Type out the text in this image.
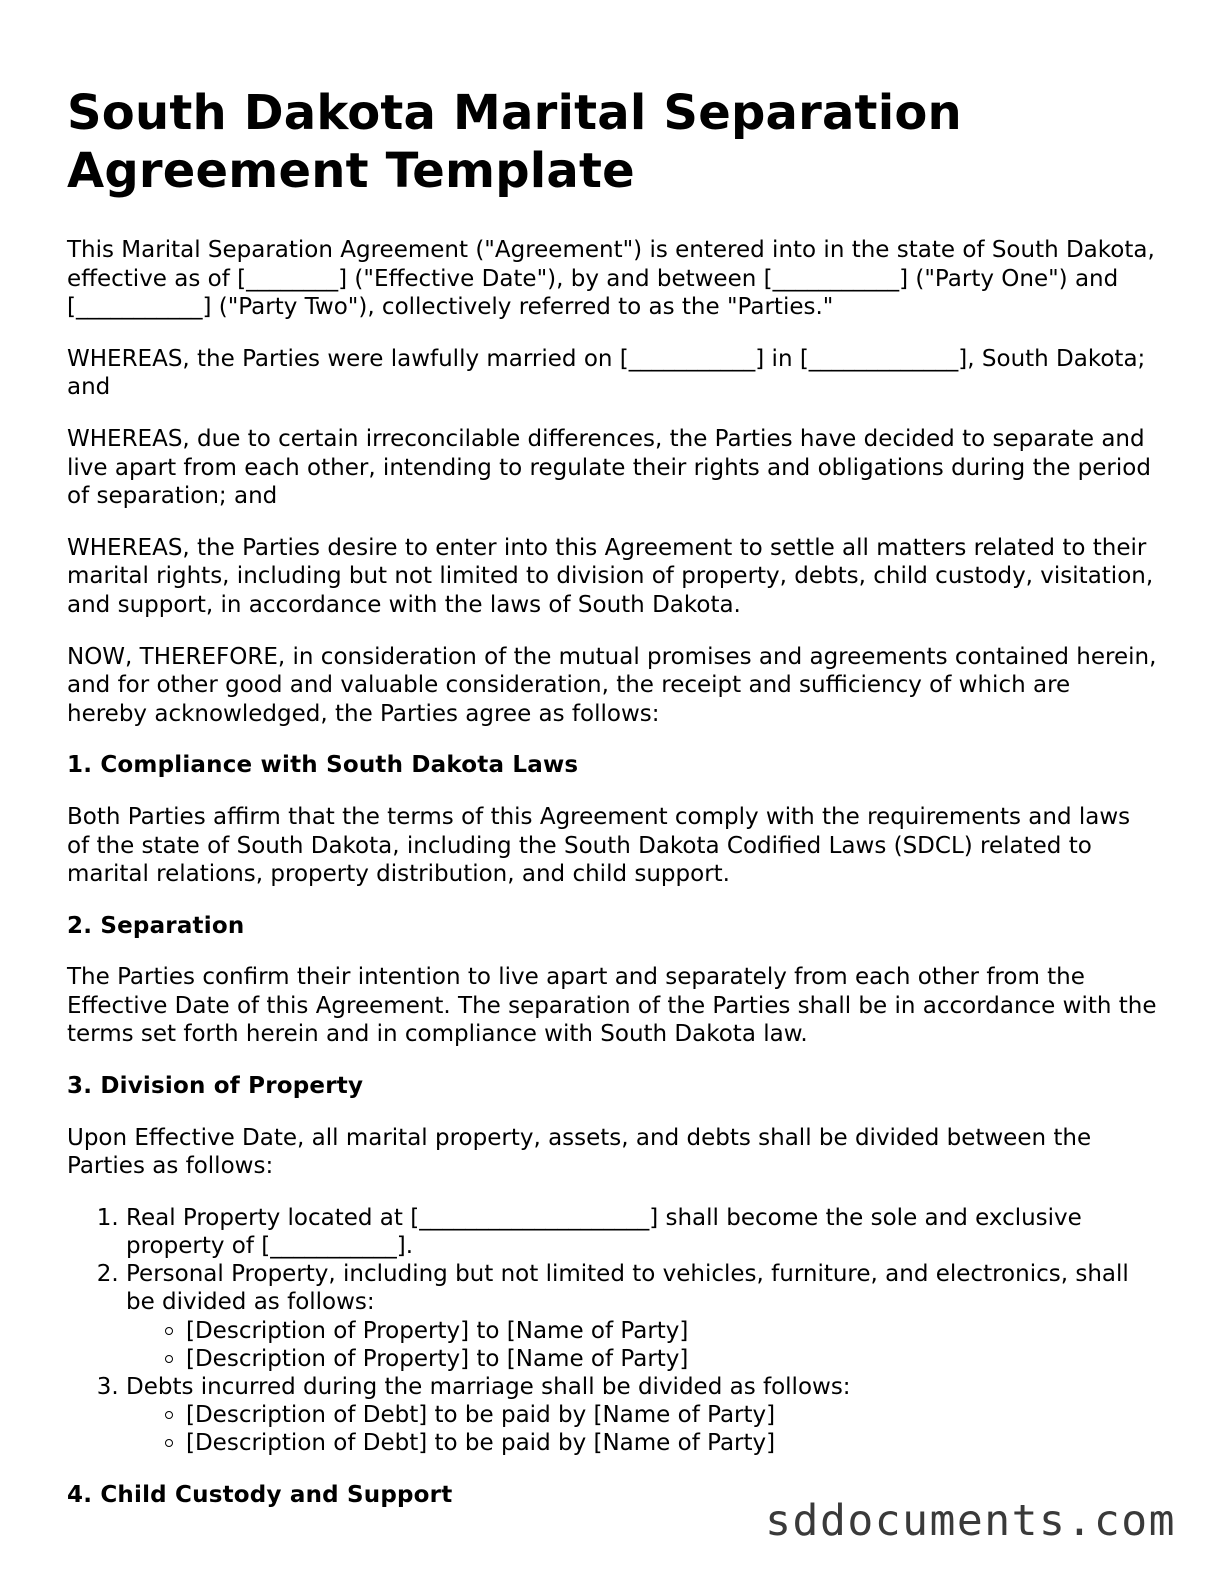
South Dakota Marital Separation Agreement Template

This Marital Separation Agreement ("Agreement") is entered into in the state of South Dakota, effective as of [________] ("Effective Date"), by and between [___________] ("Party One") and [___________] ("Party Two"), collectively referred to as the "Parties."

WHEREAS, the Parties were lawfully married on [___________] in [_____________], South Dakota; and

WHEREAS, due to certain irreconcilable differences, the Parties have decided to separate and live apart from each other, intending to regulate their rights and obligations during the period of separation; and

WHEREAS, the Parties desire to enter into this Agreement to settle all matters related to their marital rights, including but not limited to division of property, debts, child custody, visitation, and support, in accordance with the laws of South Dakota.

NOW, THEREFORE, in consideration of the mutual promises and agreements contained herein, and for other good and valuable consideration, the receipt and sufficiency of which are hereby acknowledged, the Parties agree as follows:

1. Compliance with South Dakota Laws

Both Parties affirm that the terms of this Agreement comply with the requirements and laws of the state of South Dakota, including the South Dakota Codified Laws (SDCL) related to marital relations, property distribution, and child support.

2. Separation

The Parties confirm their intention to live apart and separately from each other from the Effective Date of this Agreement. The separation of the Parties shall be in accordance with the terms set forth herein and in compliance with South Dakota law.

3. Division of Property

Upon Effective Date, all marital property, assets, and debts shall be divided between the Parties as follows:

1. Real Property located at [____________________] shall become the sole and exclusive property of [___________].
2. Personal Property, including but not limited to vehicles, furniture, and electronics, shall be divided as follows:
[Description of Property] to [Name of Party]
[Description of Property] to [Name of Party]
3. Debts incurred during the marriage shall be divided as follows:
[Description of Debt] to be paid by [Name of Party]
[Description of Debt] to be paid by [Name of Party]
4. Child Custody and Support
sddocuments.com
